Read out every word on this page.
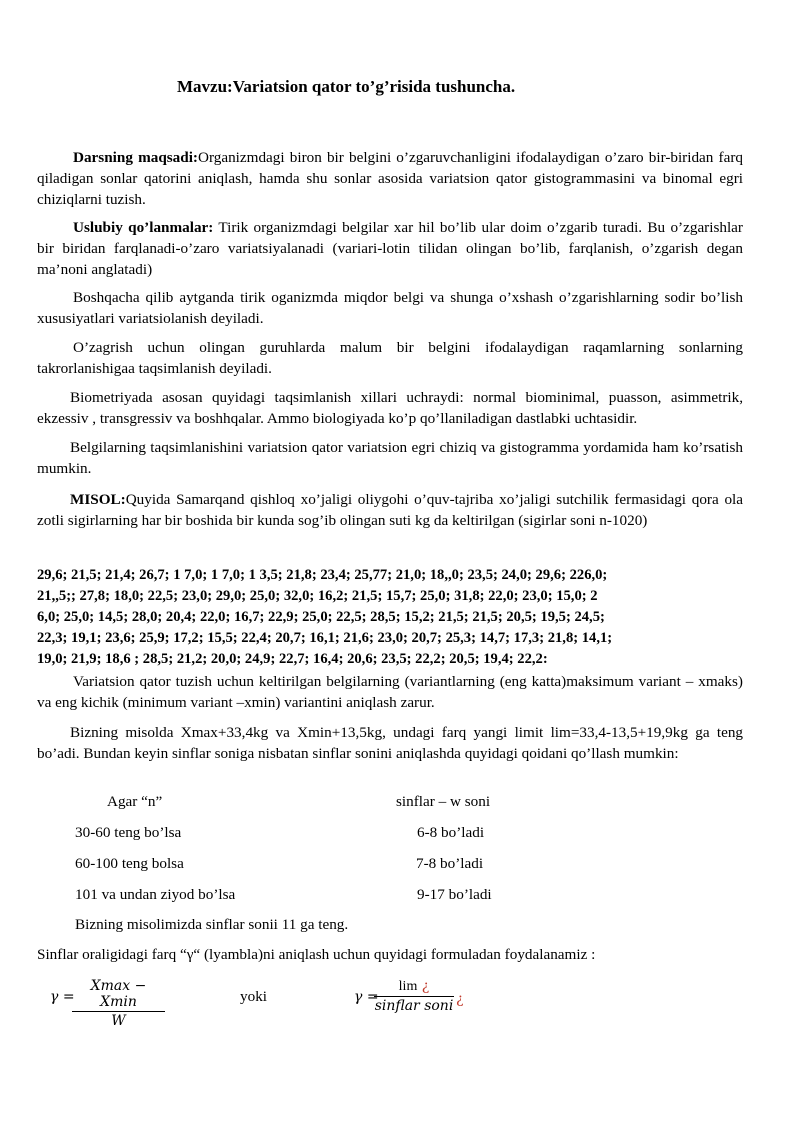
Mavzu:Variatsion qator to’g’risida tushuncha.
Darsning maqsadi:Organizmdagi biron bir belgini o’zgaruvchanligini ifodalaydigan o’zaro bir-biridan farq qiladigan sonlar qatorini aniqlash, hamda shu sonlar asosida variatsion qator gistogrammasini va binomal egri chiziqlarni tuzish.
Uslubiy qo’lanmalar: Tirik organizmdagi belgilar xar hil bo’lib ular doim o’zgarib turadi. Bu o’zgarishlar bir biridan farqlanadi-o’zaro variatsiyalanadi (variari-lotin tilidan olingan bo’lib, farqlanish, o’zgarish degan ma’noni anglatadi)
Boshqacha qilib aytganda tirik oganizmda miqdor belgi va shunga o’xshash o’zgarishlarning sodir bo’lish xususiyatlari variatsiolanish deyiladi.
O’zagrish uchun olingan guruhlarda malum bir belgini ifodalaydigan raqamlarning sonlarning takrorlanishigaa taqsimlanish deyiladi.
Biometriyada asosan quyidagi taqsimlanish xillari uchraydi: normal biominimal, puasson, asimmetrik, ekzessiv , transgressiv va boshhqalar. Ammo biologiyada ko’p qo’llaniladigan dastlabki uchtasidir.
Belgilarning taqsimlanishini variatsion qator variatsion egri chiziq va gistogramma yordamida ham ko’rsatish mumkin.
MISOL:Quyida Samarqand qishloq xo’jaligi oliygohi o’quv-tajriba xo’jaligi sutchilik fermasidagi qora ola zotli sigirlarning har bir boshida bir kunda sog’ib olingan suti kg da keltirilgan (sigirlar soni n-1020)
29,6; 21,5; 21,4; 26,7; 1 7,0; 1 7,0; 1 3,5; 21,8; 23,4; 25,77; 21,0; 18,,0; 23,5; 24,0; 29,6; 226,0;
21,,5;; 27,8; 18,0; 22,5; 23,0; 29,0; 25,0; 32,0; 16,2; 21,5; 15,7; 25,0; 31,8; 22,0; 23,0; 15,0; 2
6,0; 25,0; 14,5; 28,0; 20,4; 22,0; 16,7; 22,9; 25,0; 22,5; 28,5; 15,2; 21,5; 21,5; 20,5; 19,5; 24,5;
22,3; 19,1; 23,6; 25,9; 17,2; 15,5; 22,4; 20,7; 16,1; 21,6; 23,0; 20,7; 25,3; 14,7; 17,3; 21,8; 14,1;
19,0; 21,9; 18,6 ; 28,5; 21,2; 20,0; 24,9; 22,7; 16,4; 20,6; 23,5; 22,2; 20,5; 19,4; 22,2:
Variatsion qator tuzish uchun keltirilgan belgilarning (variantlarning (eng katta)maksimum variant – xmaks) va eng kichik (minimum variant –xmin) variantini aniqlash zarur.
Bizning misolda Xmax+33,4kg va Xmin+13,5kg, undagi farq yangi limit lim=33,4-13,5+19,9kg ga teng bo’adi. Bundan keyin sinflar soniga nisbatan sinflar sonini aniqlashda quyidagi qoidani qo’llash mumkin:
Agar “n”	sinflar – w soni
30-60 teng bo’lsa	6-8 bo’ladi
60-100 teng bolsa	7-8 bo’ladi
101 va undan ziyod bo’lsa	9-17 bo’ladi
Bizning misolimizda sinflar sonii 11 ga teng.
Sinflar oraligidagi farq “γ“ (lyambla)ni aniqlash uchun quyidagi formuladan foydalanamiz :
γ =
Xmax − Xmin
W
yoki	γ =
lim ¿
sinflar soni ¿
